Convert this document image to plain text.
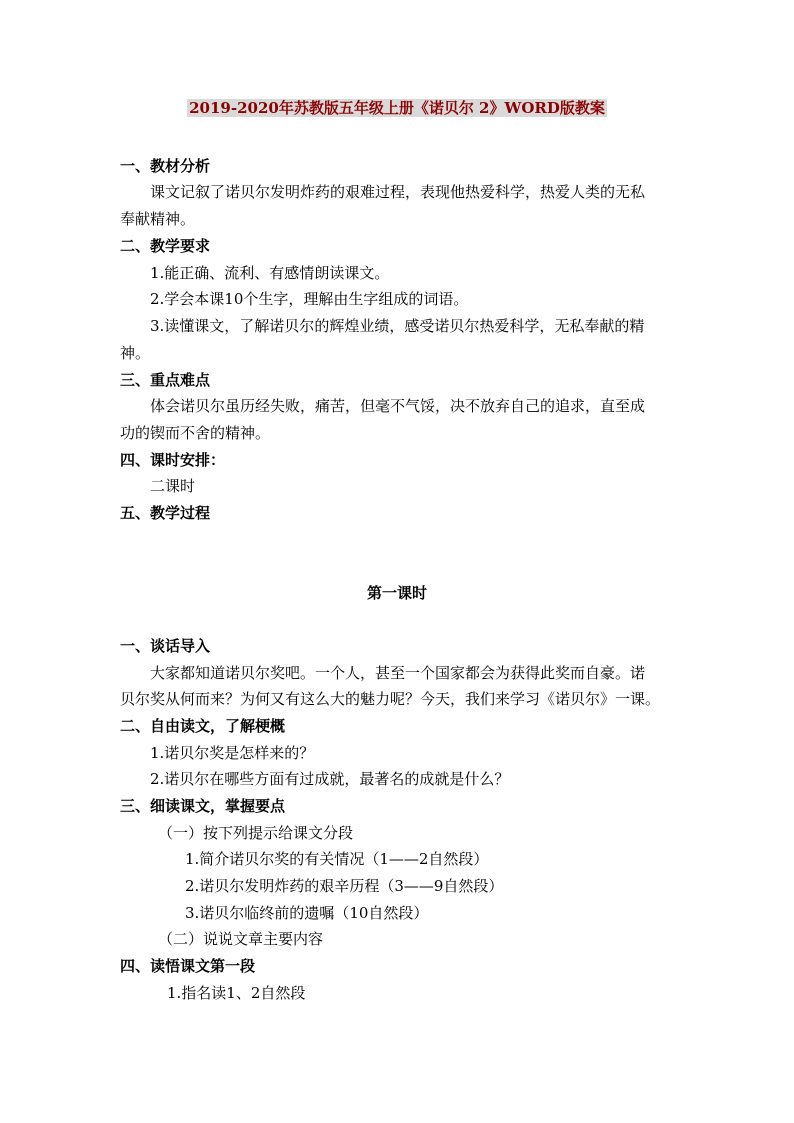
2019-2020年苏教版五年级上册《诺贝尔 2》WORD版教案
一、教材分析
课文记叙了诺贝尔发明炸药的艰难过程，表现他热爱科学，热爱人类的无私
奉献精神。
二、教学要求
1.能正确、流利、有感情朗读课文。
2.学会本课10个生字，理解由生字组成的词语。
3.读懂课文，了解诺贝尔的辉煌业绩，感受诺贝尔热爱科学，无私奉献的精
神。
三、重点难点
体会诺贝尔虽历经失败，痛苦，但毫不气馁，决不放弃自己的追求，直至成
功的锲而不舍的精神。
四、课时安排：
二课时
五、教学过程
第一课时
一、谈话导入
大家都知道诺贝尔奖吧。一个人，甚至一个国家都会为获得此奖而自豪。诺
贝尔奖从何而来？为何又有这么大的魅力呢？今天，我们来学习《诺贝尔》一课。
二、自由读文，了解梗概
1.诺贝尔奖是怎样来的？
2.诺贝尔在哪些方面有过成就，最著名的成就是什么？
三、细读课文，掌握要点
（一）按下列提示给课文分段
1.简介诺贝尔奖的有关情况（1——2自然段）
2.诺贝尔发明炸药的艰辛历程（3——9自然段）
3.诺贝尔临终前的遗嘱（10自然段）
（二）说说文章主要内容
四、读悟课文第一段
1.指名读1、2自然段
